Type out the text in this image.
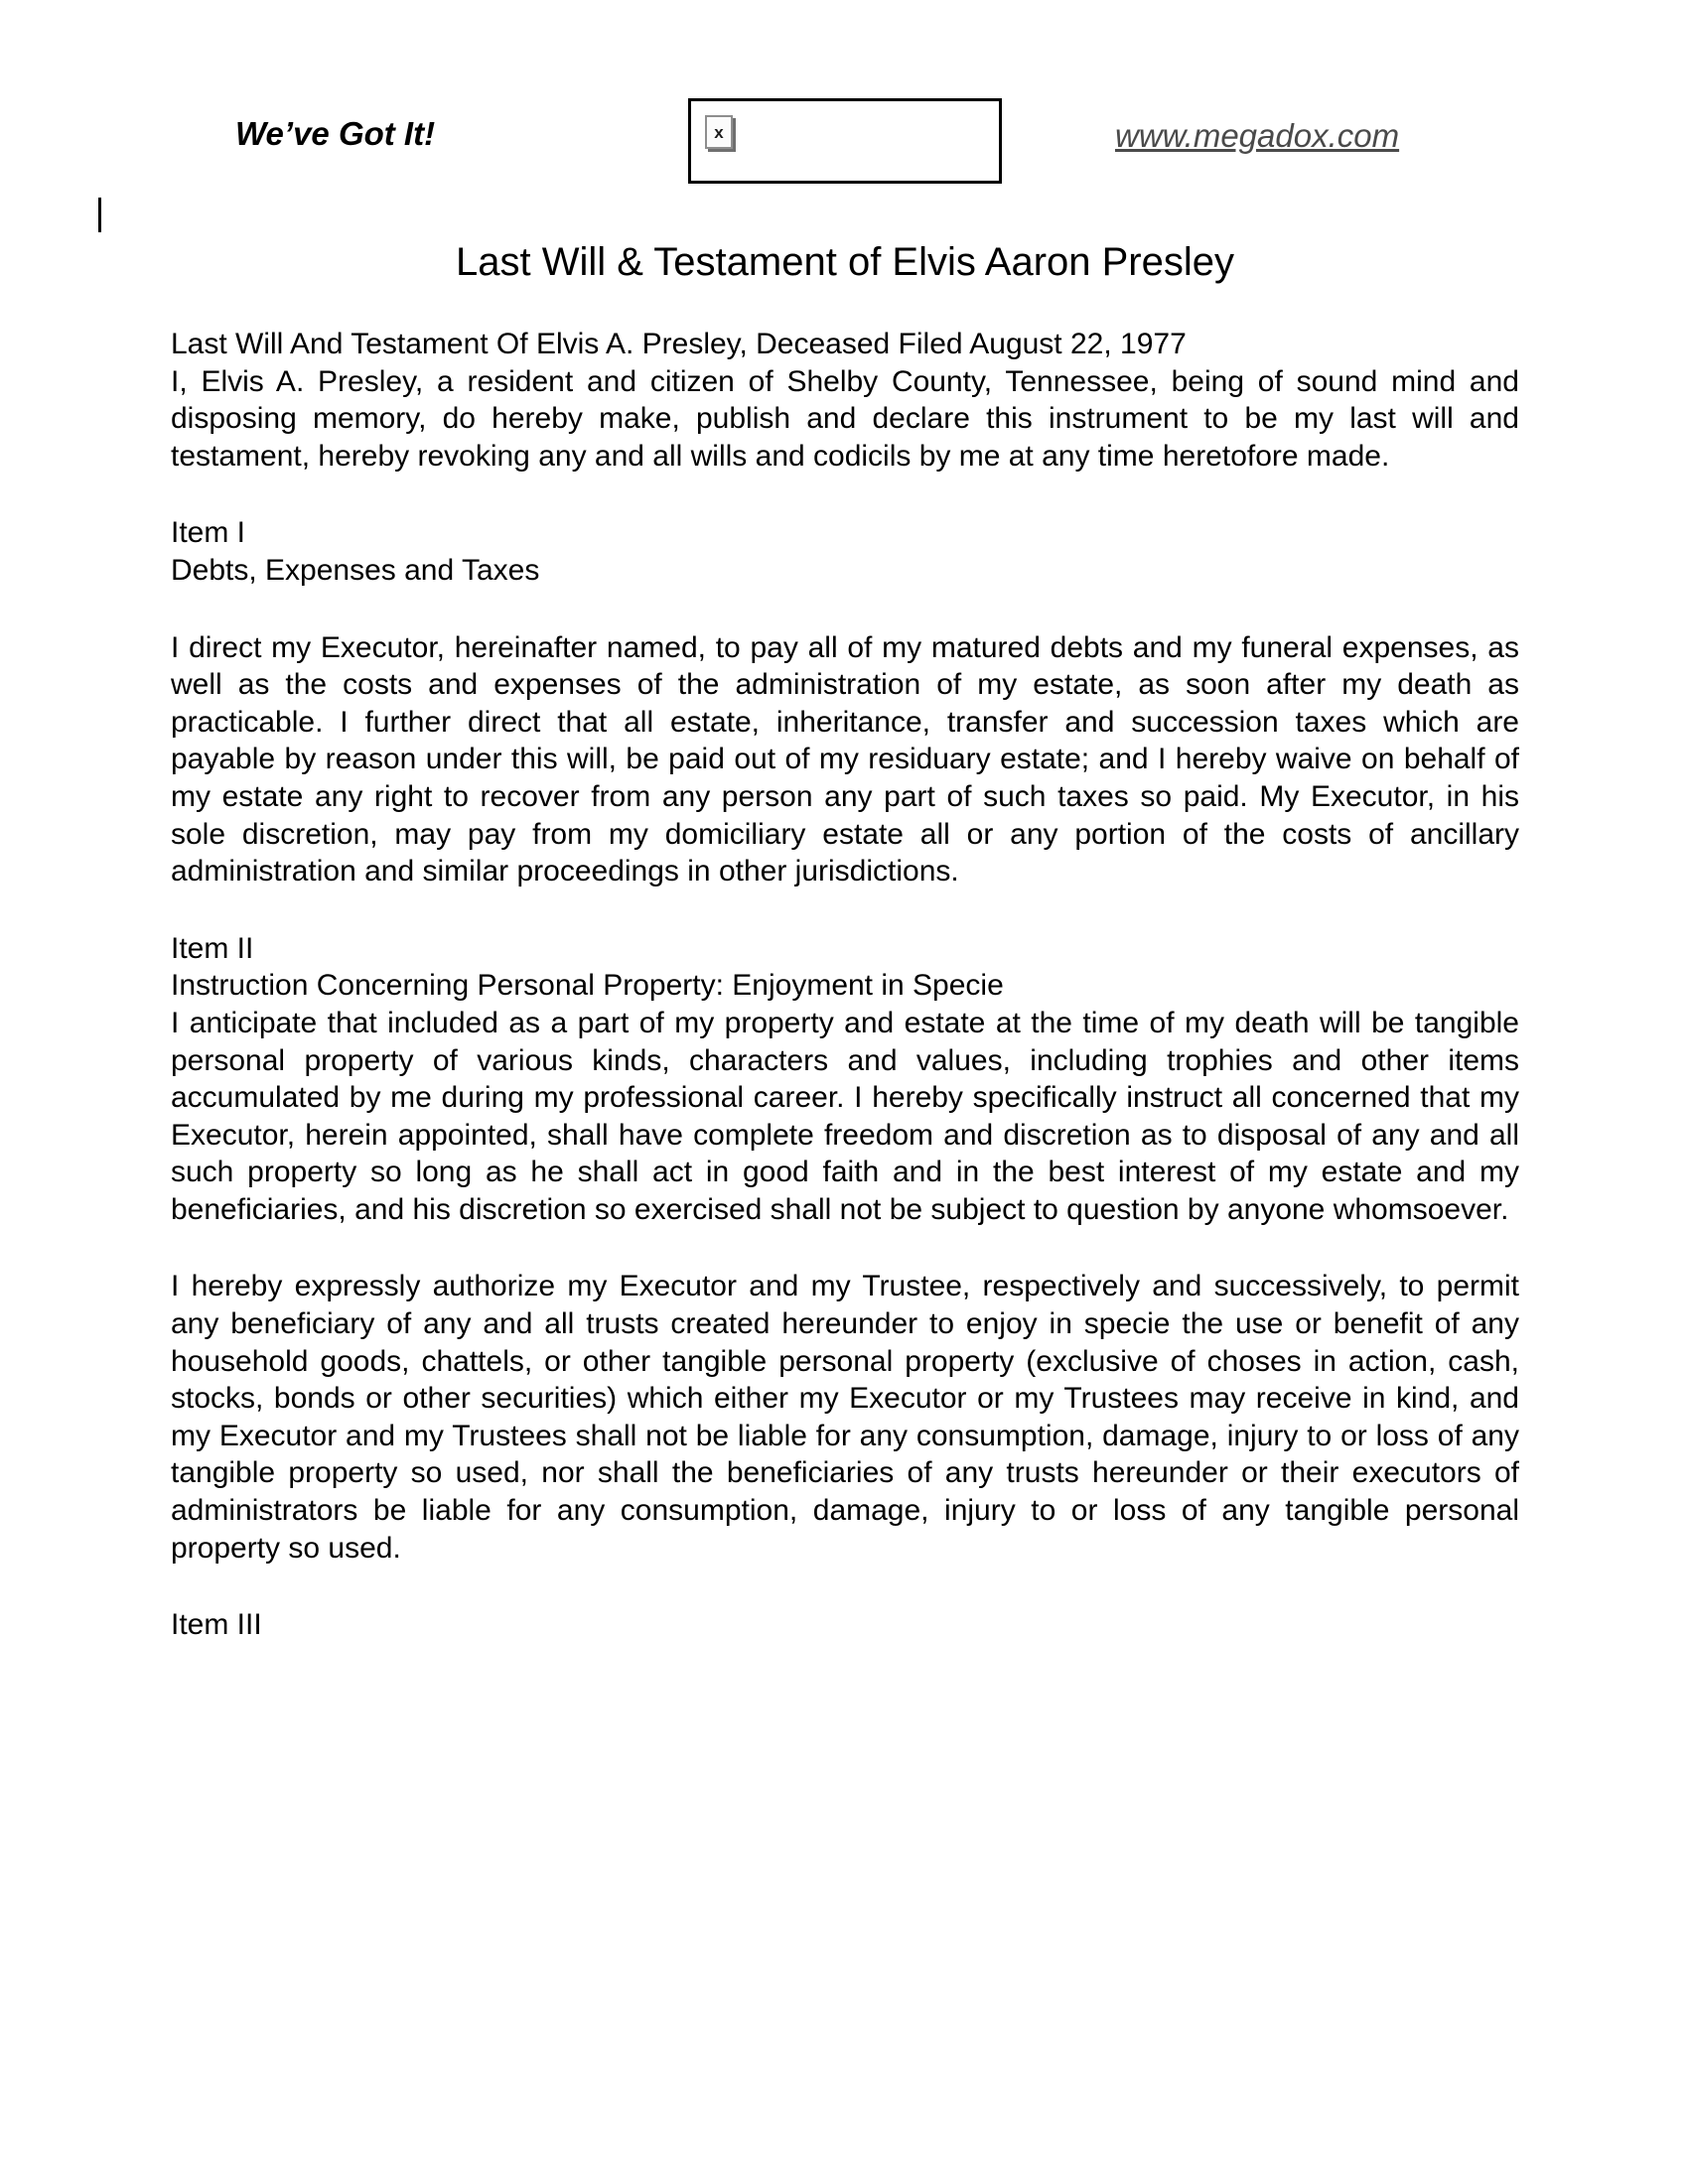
We’ve Got It!	x	www.megadox.com
Last Will & Testament of Elvis Aaron Presley

Last Will And Testament Of Elvis A. Presley, Deceased Filed August 22, 1977

I, Elvis A. Presley, a resident and citizen of Shelby County, Tennessee, being of sound mind and disposing memory, do hereby make, publish and declare this instrument to be my last will and testament, hereby revoking any and all wills and codicils by me at any time heretofore made.

Item I

Debts, Expenses and Taxes

I direct my Executor, hereinafter named, to pay all of my matured debts and my funeral expenses, as well as the costs and expenses of the administration of my estate, as soon after my death as practicable. I further direct that all estate, inheritance, transfer and succession taxes which are payable by reason under this will, be paid out of my residuary estate; and I hereby waive on behalf of my estate any right to recover from any person any part of such taxes so paid. My Executor, in his sole discretion, may pay from my domiciliary estate all or any portion of the costs of ancillary administration and similar proceedings in other jurisdictions.

Item II

Instruction Concerning Personal Property: Enjoyment in Specie

I anticipate that included as a part of my property and estate at the time of my death will be tangible personal property of various kinds, characters and values, including trophies and other items accumulated by me during my professional career. I hereby specifically instruct all concerned that my Executor, herein appointed, shall have complete freedom and discretion as to disposal of any and all such property so long as he shall act in good faith and in the best interest of my estate and my beneficiaries, and his discretion so exercised shall not be subject to question by anyone whomsoever.

I hereby expressly authorize my Executor and my Trustee, respectively and successively, to permit any beneficiary of any and all trusts created hereunder to enjoy in specie the use or benefit of any household goods, chattels, or other tangible personal property (exclusive of choses in action, cash, stocks, bonds or other securities) which either my Executor or my Trustees may receive in kind, and my Executor and my Trustees shall not be liable for any consumption, damage, injury to or loss of any tangible property so used, nor shall the beneficiaries of any trusts hereunder or their executors of administrators be liable for any consumption, damage, injury to or loss of any tangible personal property so used.

Item III
